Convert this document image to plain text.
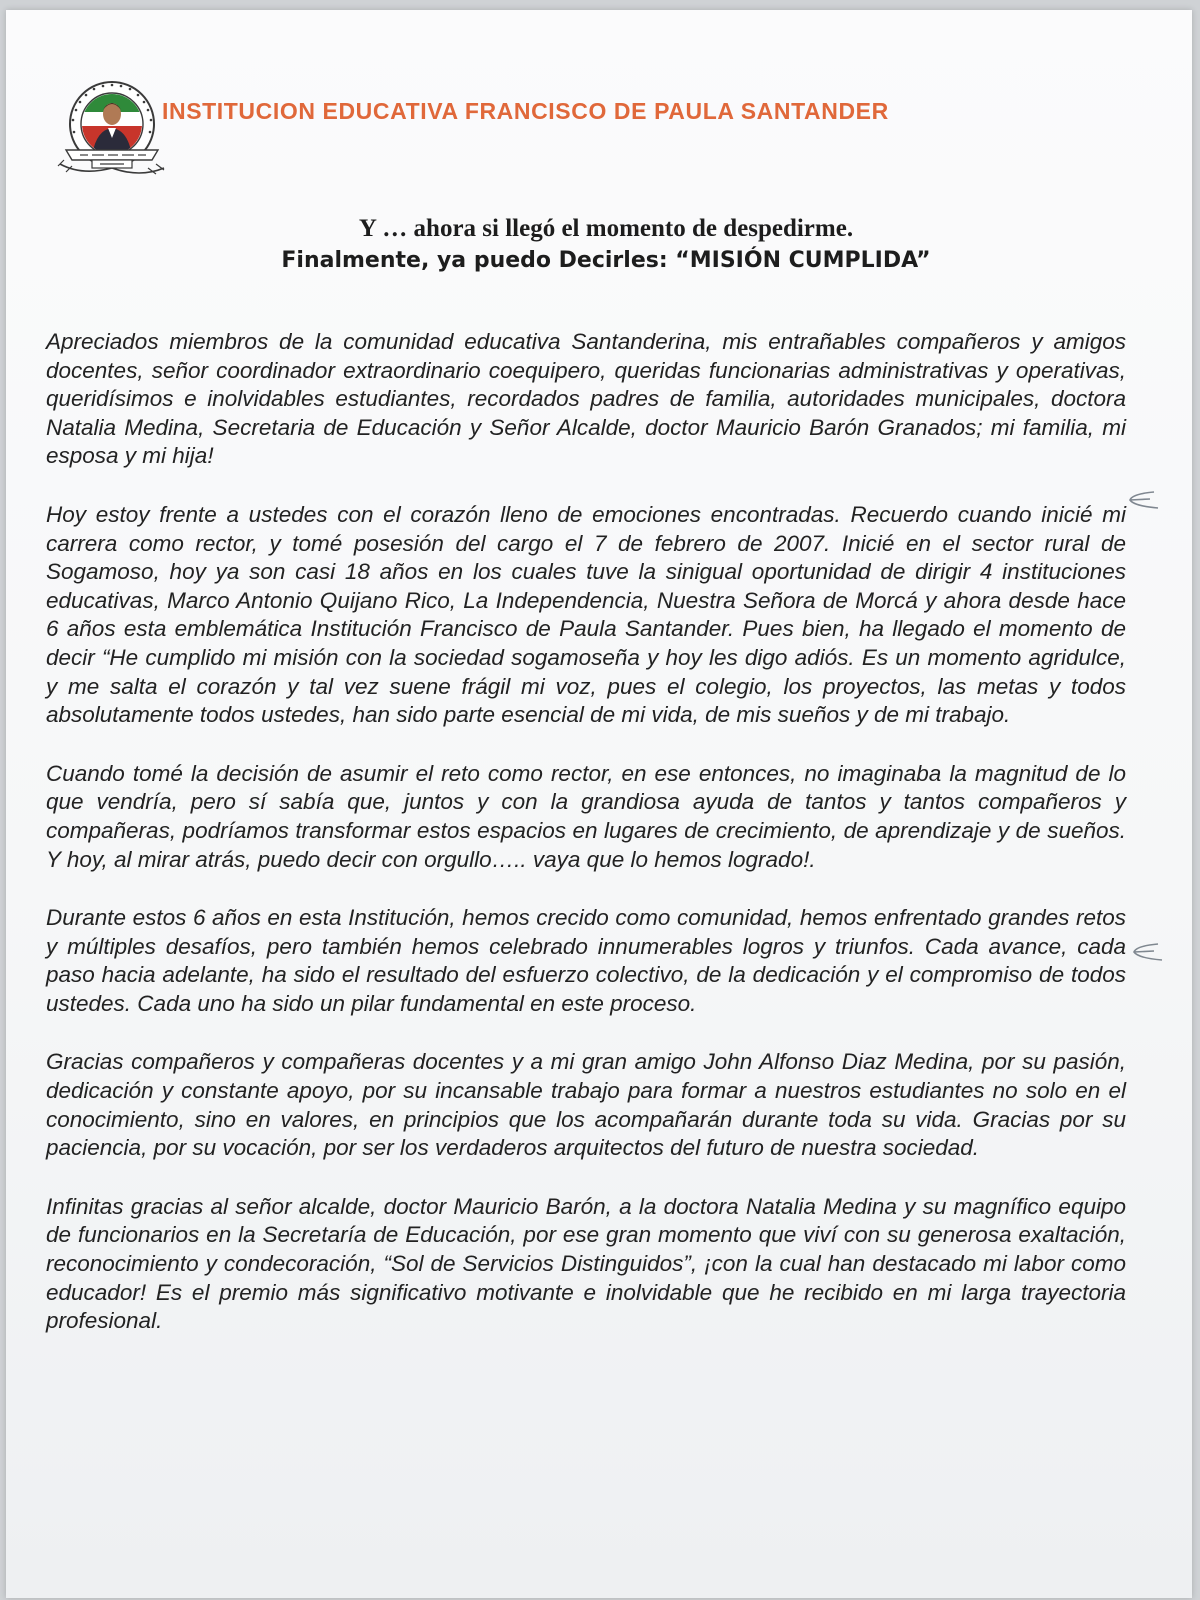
INSTITUCION EDUCATIVA FRANCISCO DE PAULA SANTANDER
Y … ahora si llegó el momento de despedirme.
Finalmente, ya puedo Decirles: “MISIÓN CUMPLIDA”

Apreciados miembros de la comunidad educativa Santanderina, mis entrañables compañeros y amigos docentes, señor coordinador extraordinario coequipero, queridas funcionarias administrativas y operativas, queridísimos e inolvidables estudiantes, recordados padres de familia, autoridades municipales, doctora Natalia Medina, Secretaria de Educación y Señor Alcalde, doctor Mauricio Barón Granados; mi familia, mi esposa y mi hija!

Hoy estoy frente a ustedes con el corazón lleno de emociones encontradas. Recuerdo cuando inicié mi carrera como rector, y tomé posesión del cargo el 7 de febrero de 2007. Inicié en el sector rural de Sogamoso, hoy ya son casi 18 años en los cuales tuve la sinigual oportunidad de dirigir 4 instituciones educativas, Marco Antonio Quijano Rico, La Independencia, Nuestra Señora de Morcá y ahora desde hace 6 años esta emblemática Institución Francisco de Paula Santander. Pues bien, ha llegado el momento de decir “He cumplido mi misión con la sociedad sogamoseña y hoy les digo adiós. Es un momento agridulce, y me salta el corazón y tal vez suene frágil mi voz, pues el colegio, los proyectos, las metas y todos absolutamente todos ustedes, han sido parte esencial de mi vida, de mis sueños y de mi trabajo.

Cuando tomé la decisión de asumir el reto como rector, en ese entonces, no imaginaba la magnitud de lo que vendría, pero sí sabía que, juntos y con la grandiosa ayuda de tantos y tantos compañeros y compañeras, podríamos transformar estos espacios en lugares de crecimiento, de aprendizaje y de sueños. Y hoy, al mirar atrás, puedo decir con orgullo….. vaya que lo hemos logrado!.

Durante estos 6 años en esta Institución, hemos crecido como comunidad, hemos enfrentado grandes retos y múltiples desafíos, pero también hemos celebrado innumerables logros y triunfos. Cada avance, cada paso hacia adelante, ha sido el resultado del esfuerzo colectivo, de la dedicación y el compromiso de todos ustedes. Cada uno ha sido un pilar fundamental en este proceso.

Gracias compañeros y compañeras docentes y a mi gran amigo John Alfonso Diaz Medina, por su pasión, dedicación y constante apoyo, por su incansable trabajo para formar a nuestros estudiantes no solo en el conocimiento, sino en valores, en principios que los acompañarán durante toda su vida. Gracias por su paciencia, por su vocación, por ser los verdaderos arquitectos del futuro de nuestra sociedad.

Infinitas gracias al señor alcalde, doctor Mauricio Barón, a la doctora Natalia Medina y su magnífico equipo de funcionarios en la Secretaría de Educación, por ese gran momento que viví con su generosa exaltación, reconocimiento y condecoración, “Sol de Servicios Distinguidos”, ¡con la cual han destacado mi labor como educador! Es el premio más significativo motivante e inolvidable que he recibido en mi larga trayectoria profesional.
